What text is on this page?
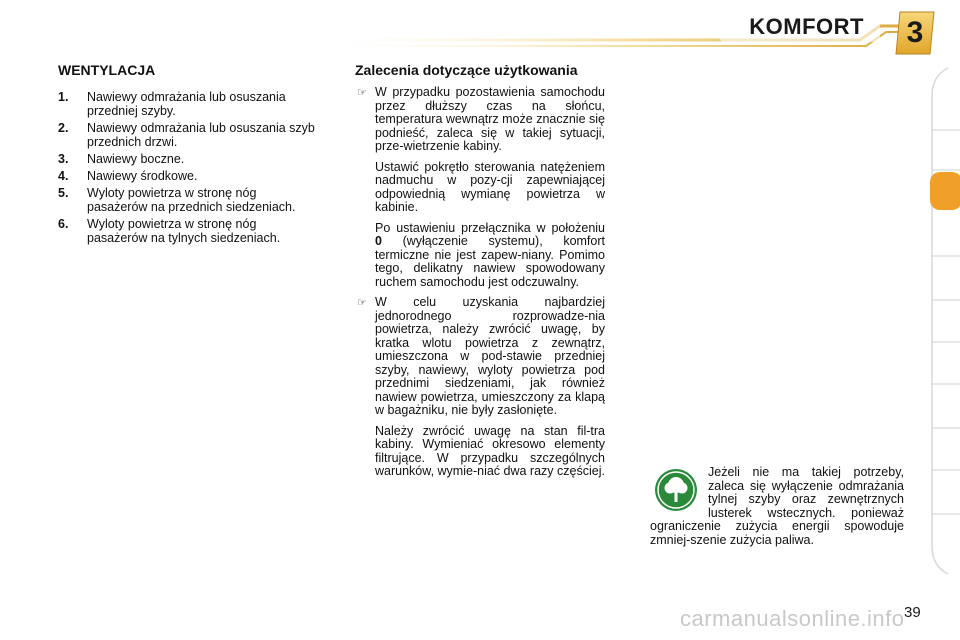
KOMFORT 3
WENTYLACJA
1. Nawiewy odmrażania lub osuszania przedniej szyby.
2. Nawiewy odmrażania lub osuszania szyb przednich drzwi.
3. Nawiewy boczne.
4. Nawiewy środkowe.
5. Wyloty powietrza w stronę nóg pasażerów na przednich siedzeniach.
6. Wyloty powietrza w stronę nóg pasażerów na tylnych siedzeniach.
Zalecenia dotyczące użytkowania
☞ W przypadku pozostawienia samochodu przez dłuższy czas na słońcu, temperatura wewnątrz może znacznie się podnieść, zaleca się w takiej sytuacji, prze-wietrzenie kabiny.

Ustawić pokrętło sterowania natężeniem nadmuchu w pozy-cji zapewniającej odpowiednią wymianę powietrza w kabinie.

Po ustawieniu przełącznika w położeniu 0 (wyłączenie systemu), komfort termiczne nie jest zapew-niany. Pomimo tego, delikatny nawiew spowodowany ruchem samochodu jest odczuwalny.

☞ W celu uzyskania najbardziej jednorodnego rozprowadze-nia powietrza, należy zwrócić uwagę, by kratka wlotu powietrza z zewnątrz, umieszczona w pod-stawie przedniej szyby, nawiewy, wyloty powietrza pod przednimi siedzeniami, jak również nawiew powietrza, umieszczony za klapą w bagażniku, nie były zasłonięte.

Należy zwrócić uwagę na stan fil-tra kabiny. Wymieniać okresowo elementy filtrujące. W przypadku szczególnych warunków, wymie-niać dwa razy częściej.	Jeżeli nie ma takiej potrzeby, zaleca się wyłączenie odmrażania tylnej szyby oraz zewnętrznych lusterek wstecznych. ponieważ ograniczenie zużycia energii spowoduje zmniej-szenie zużycia paliwa.

carmanualsonline.info 39
